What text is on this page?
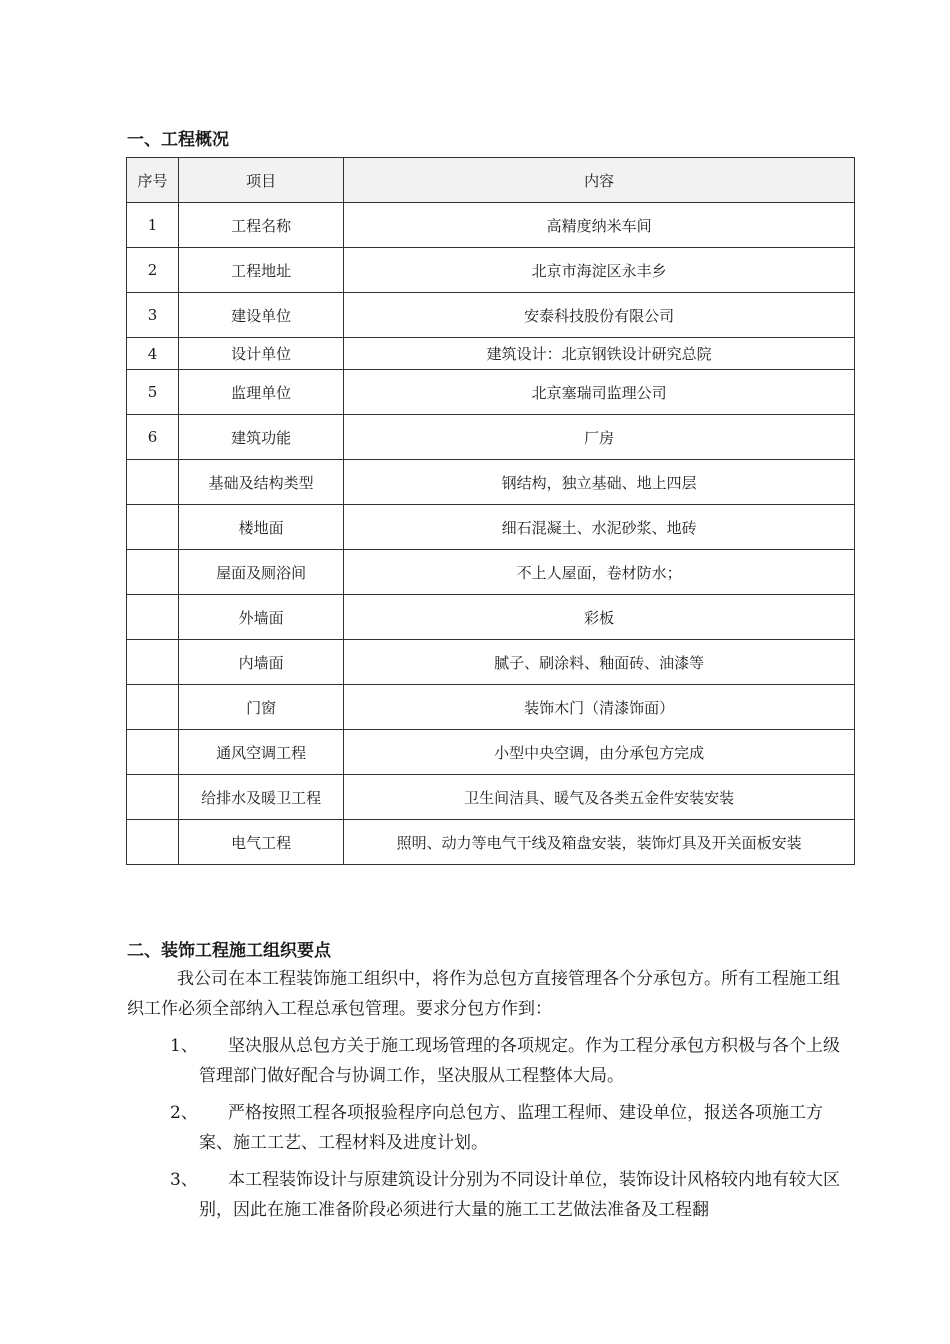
一、工程概况
序号	项目	内容
1	工程名称	高精度纳米车间
2	工程地址	北京市海淀区永丰乡
3	建设单位	安泰科技股份有限公司
4	设计单位	建筑设计：北京钢铁设计研究总院
5	监理单位	北京塞瑞司监理公司
6	建筑功能	厂房
	基础及结构类型	钢结构，独立基础、地上四层
	楼地面	细石混凝土、水泥砂浆、地砖
	屋面及厕浴间	不上人屋面，卷材防水；
	外墙面	彩板
	内墙面	腻子、刷涂料、釉面砖、油漆等
	门窗	装饰木门（清漆饰面）
	通风空调工程	小型中央空调，由分承包方完成
	给排水及暖卫工程	卫生间洁具、暖气及各类五金件安装安装
	电气工程	照明、动力等电气干线及箱盘安装，装饰灯具及开关面板安装
二、装饰工程施工组织要点

我公司在本工程装饰施工组织中，将作为总包方直接管理各个分承包方。所有工程施工组织工作必须全部纳入工程总承包管理。要求分包方作到：

1、	坚决服从总包方关于施工现场管理的各项规定。作为工程分承包方积极与各个上级管理部门做好配合与协调工作，坚决服从工程整体大局。
2、	严格按照工程各项报验程序向总包方、监理工程师、建设单位，报送各项施工方案、施工工艺、工程材料及进度计划。
3、	本工程装饰设计与原建筑设计分别为不同设计单位，装饰设计风格较内地有较大区别，因此在施工准备阶段必须进行大量的施工工艺做法准备及工程翻
